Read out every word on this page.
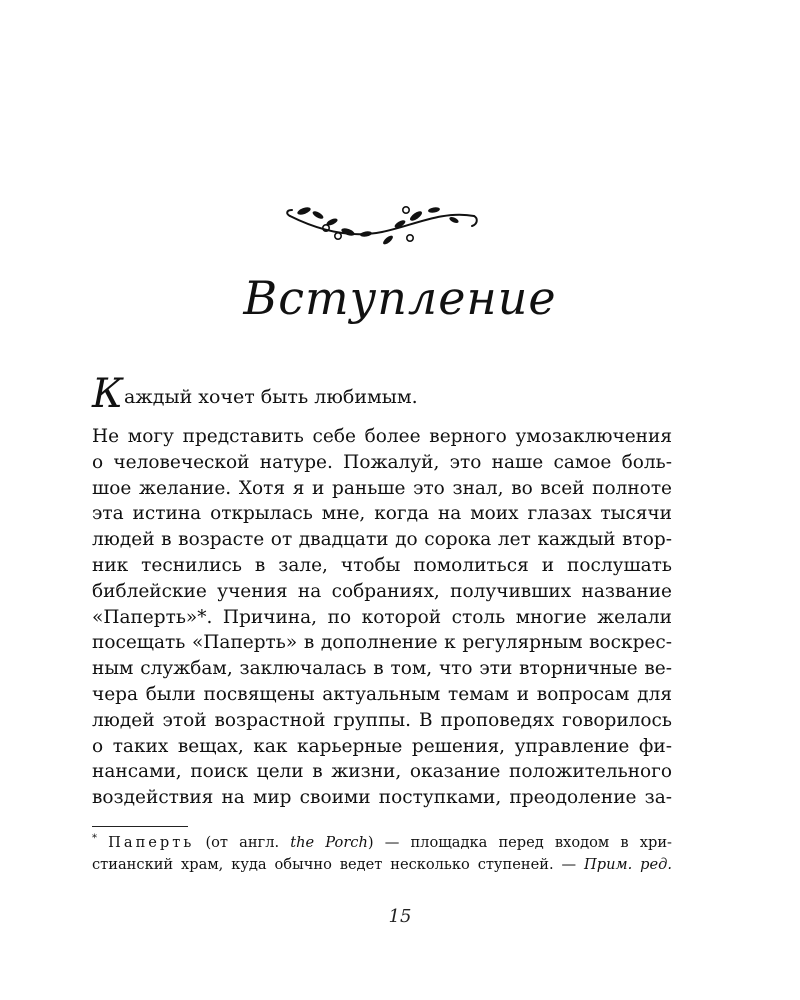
Вступление
К аждый хочет быть любимым.
Не могу представить себе более верного умозаключения
о человеческой натуре. Пожалуй, это наше самое боль-
шое желание. Хотя я и раньше это знал, во всей полноте
эта истина открылась мне, когда на моих глазах тысячи
людей в возрасте от двадцати до сорока лет каждый втор-
ник теснились в зале, чтобы помолиться и послушать
библейские учения на собраниях, получивших название
«Паперть»*. Причина, по которой столь многие желали
посещать «Паперть» в дополнение к регулярным воскрес-
ным службам, заключалась в том, что эти вторничные ве-
чера были посвящены актуальным темам и вопросам для
людей этой возрастной группы. В проповедях говорилось
о таких вещах, как карьерные решения, управление фи-
нансами, поиск цели в жизни, оказание положительного
воздействия на мир своими поступками, преодоление за-
* Паперть (от англ. the Porch) — площадка перед входом в хри-
стианский храм, куда обычно ведет несколько ступеней. — Прим. ред.
15
